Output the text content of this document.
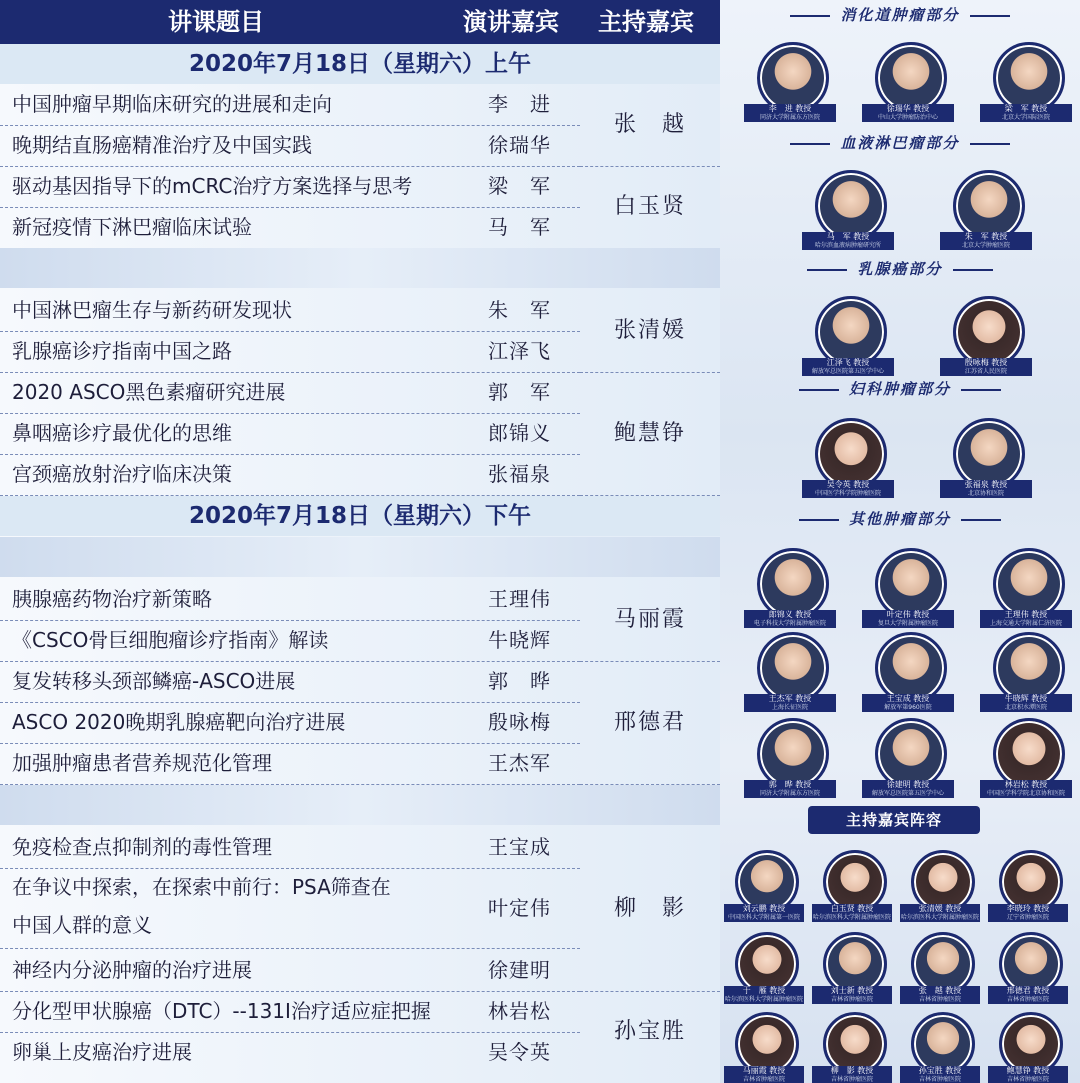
讲课题目	演讲嘉宾 主持嘉宾
2020年7月18日（星期六）上午
中国肿瘤早期临床研究的进展和走向	李　进
晚期结直肠癌精准治疗及中国实践	徐瑞华
张　越
驱动基因指导下的mCRC治疗方案选择与思考	梁　军
新冠疫情下淋巴瘤临床试验	马　军
白玉贤
中国淋巴瘤生存与新药研发现状	朱　军
乳腺癌诊疗指南中国之路	江泽飞
张清媛
2020 ASCO黑色素瘤研究进展	郭　军
鼻咽癌诊疗最优化的思维	郎锦义
宫颈癌放射治疗临床决策	张福泉
鲍慧铮
2020年7月18日（星期六）下午
胰腺癌药物治疗新策略	王理伟
《CSCO骨巨细胞瘤诊疗指南》解读	牛晓辉
马丽霞
复发转移头颈部鳞癌-ASCO进展	郭　晔
ASCO 2020晚期乳腺癌靶向治疗进展	殷咏梅
加强肿瘤患者营养规范化管理	王杰军
邢德君
免疫检查点抑制剂的毒性管理	王宝成
在争议中探索，在探索中前行：PSA筛查在
中国人群的意义
叶定伟
神经内分泌肿瘤的治疗进展	徐建明
柳　影
分化型甲状腺癌（DTC）--131I治疗适应症把握	林岩松
卵巢上皮癌治疗进展	吴令英
孙宝胜
消化道肿瘤部分
血液淋巴瘤部分
乳腺癌部分
妇科肿瘤部分
其他肿瘤部分
主持嘉宾阵容
李　进 教授
同济大学附属东方医院
徐瑞华 教授
中山大学肿瘤防治中心
梁　军 教授
北京大学国际医院
马　军 教授
哈尔滨血液病肿瘤研究所
朱　军 教授
北京大学肿瘤医院
江泽飞 教授
解放军总医院第五医学中心
殷咏梅 教授
江苏省人民医院
吴令英 教授
中国医学科学院肿瘤医院
张福泉 教授
北京协和医院
郎锦义 教授
电子科技大学附属肿瘤医院
叶定伟 教授
复旦大学附属肿瘤医院
王理伟 教授
上海交通大学附属仁济医院
王杰军 教授
上海长征医院
王宝成 教授
解放军第960医院
牛晓辉 教授
北京积水潭医院
郭　晔 教授
同济大学附属东方医院
徐建明 教授
解放军总医院第五医学中心
林岩松 教授
中国医学科学院北京协和医院
刘云鹏 教授
中国医科大学附属第一医院
白玉贤 教授
哈尔滨医科大学附属肿瘤医院
张清媛 教授
哈尔滨医科大学附属肿瘤医院
李晓玲 教授
辽宁省肿瘤医院
于　雁 教授
哈尔滨医科大学附属肿瘤医院
刘士新 教授
吉林省肿瘤医院
张　越 教授
吉林省肿瘤医院
邢德君 教授
吉林省肿瘤医院
马丽霞 教授
吉林省肿瘤医院
柳　影 教授
吉林省肿瘤医院
孙宝胜 教授
吉林省肿瘤医院
鲍慧铮 教授
吉林省肿瘤医院
